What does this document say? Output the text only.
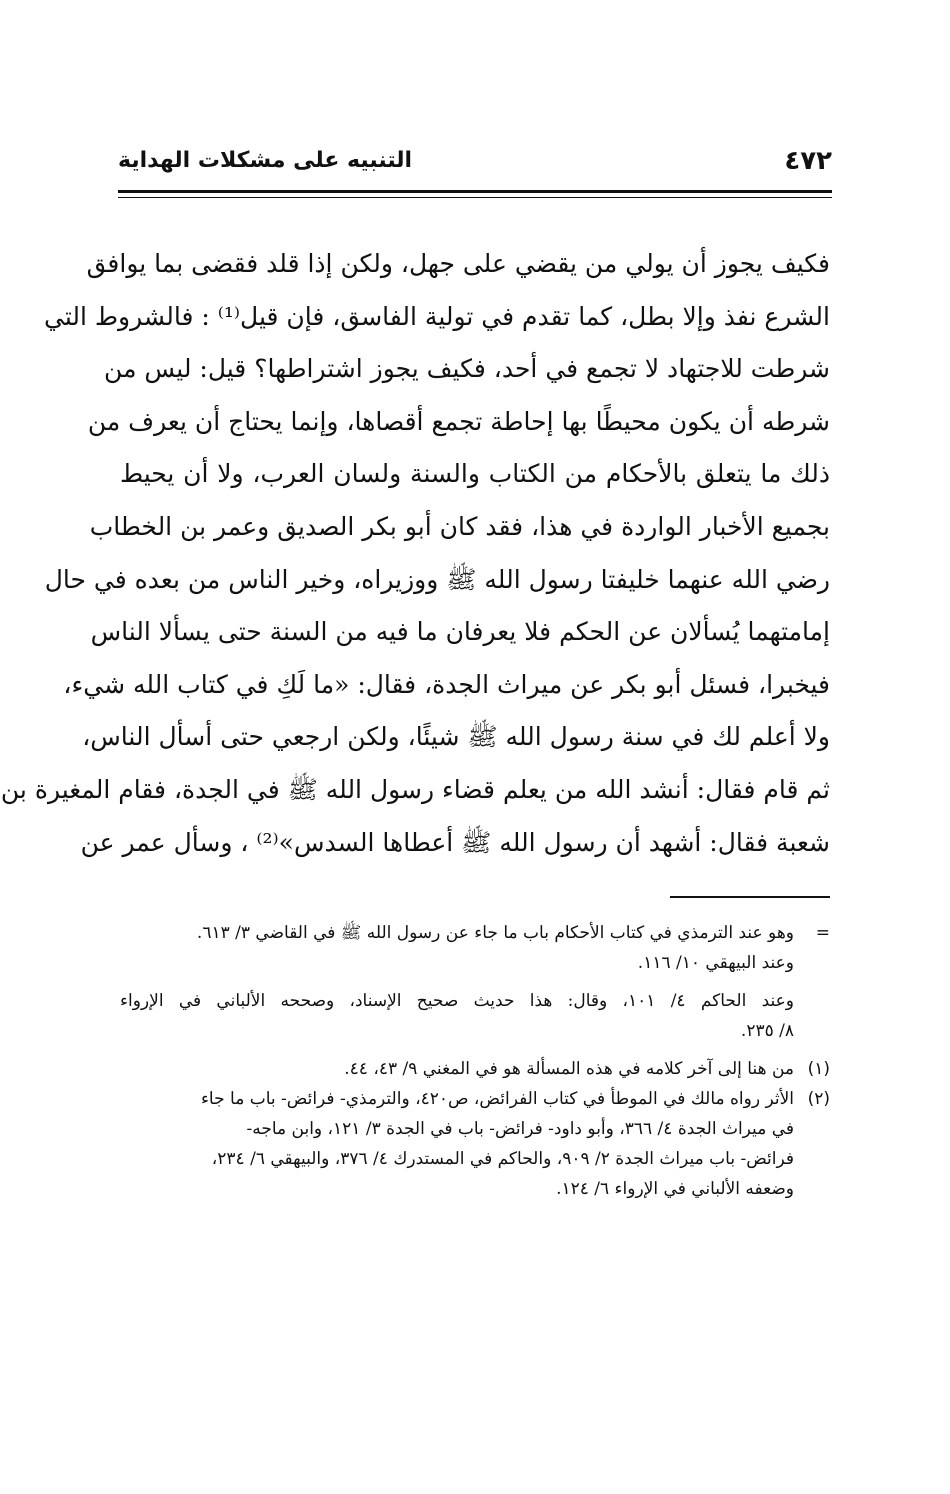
٤٧٢
التنبيه على مشكلات الهداية
فكيف يجوز أن يولي من يقضي على جهل، ولكن إذا قلد فقضى بما يوافق
الشرع نفذ وإلا بطل، كما تقدم في تولية الفاسق، فإن قيل⁽¹⁾ : فالشروط التي
شرطت للاجتهاد لا تجمع في أحد، فكيف يجوز اشتراطها؟ قيل: ليس من
شرطه أن يكون محيطًا بها إحاطة تجمع أقصاها، وإنما يحتاج أن يعرف من
ذلك ما يتعلق بالأحكام من الكتاب والسنة ولسان العرب، ولا أن يحيط
بجميع الأخبار الواردة في هذا، فقد كان أبو بكر الصديق وعمر بن الخطاب
رضي الله عنهما خليفتا رسول الله ﷺ ووزيراه، وخير الناس من بعده في حال
إمامتهما يُسألان عن الحكم فلا يعرفان ما فيه من السنة حتى يسألا الناس
فيخبرا، فسئل أبو بكر عن ميراث الجدة، فقال: «ما لَكِ في كتاب الله شيء،
ولا أعلم لك في سنة رسول الله ﷺ شيئًا، ولكن ارجعي حتى أسأل الناس،
ثم قام فقال: أنشد الله من يعلم قضاء رسول الله ﷺ في الجدة، فقام المغيرة بن
شعبة فقال: أشهد أن رسول الله ﷺ أعطاها السدس»⁽²⁾ ، وسأل عمر عن
=وهو عند الترمذي في كتاب الأحكام باب ما جاء عن رسول الله ﷺ في القاضي ٣/ ٦١٣.
وعند البيهقي ١٠/ ١١٦.
وعند الحاكم ٤/ ١٠١، وقال: هذا حديث صحيح الإسناد، وصححه الألباني في الإرواء
٨/ ٢٣٥.
(١)من هنا إلى آخر كلامه في هذه المسألة هو في المغني ٩/ ٤٣، ٤٤.
(٢)الأثر رواه مالك في الموطأ في كتاب الفرائض، ص٤٢٠، والترمذي- فرائض- باب ما جاء
في ميراث الجدة ٤/ ٣٦٦، وأبو داود- فرائض- باب في الجدة ٣/ ١٢١، وابن ماجه-
فرائض- باب ميراث الجدة ٢/ ٩٠٩، والحاكم في المستدرك ٤/ ٣٧٦، والبيهقي ٦/ ٢٣٤،
وضعفه الألباني في الإرواء ٦/ ١٢٤.
